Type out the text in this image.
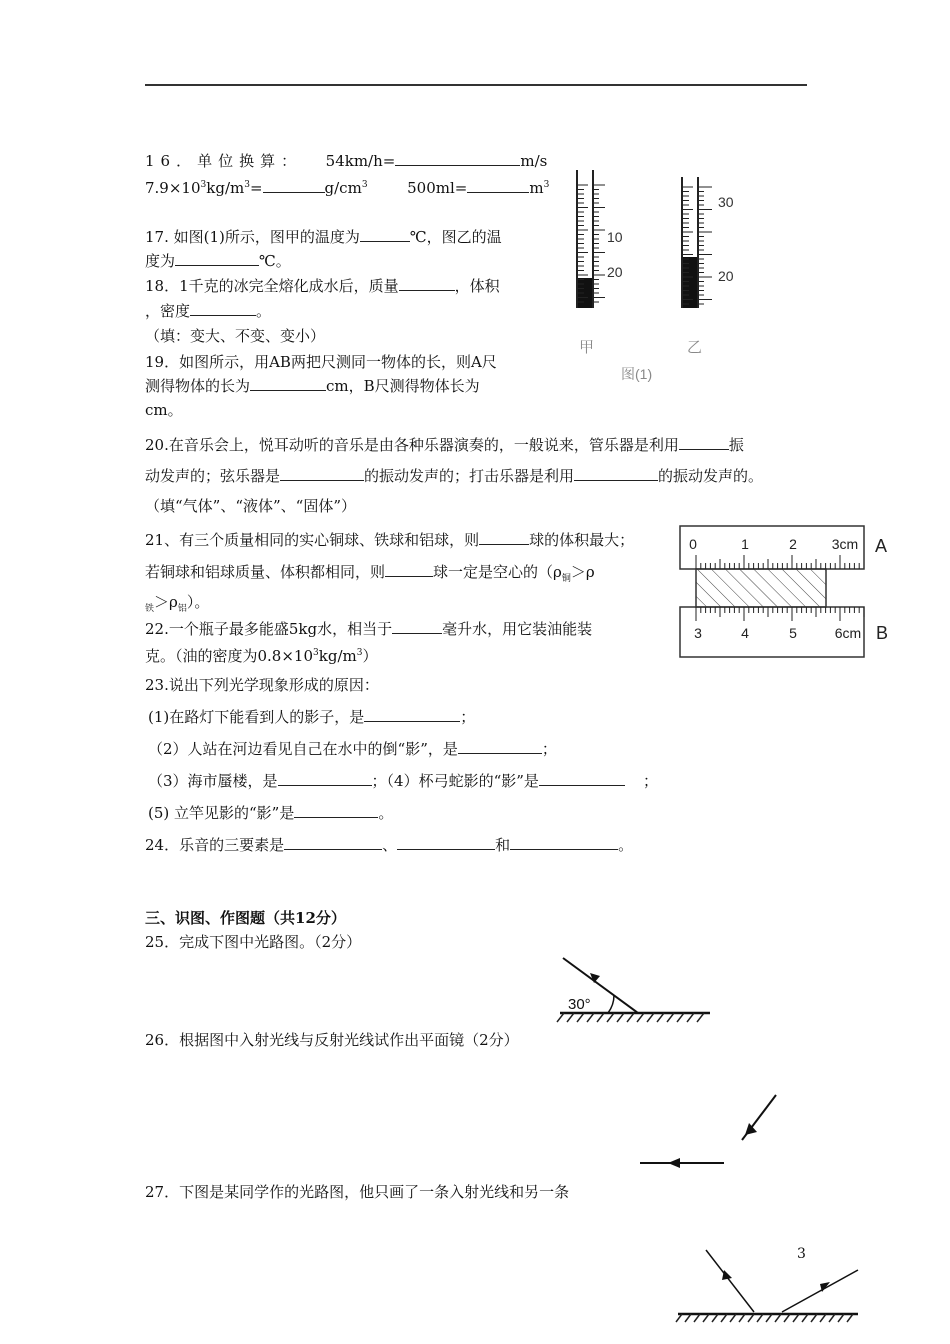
16．单位换算： 54km/h=	m/s
$7.9\times 10^3kg/m^3=$	$g/cm^3$	500ml=	$m^3$
17. 如图(1)所示，图甲的温度为	℃，图乙的温
度为	℃。
18．1千克的冰完全熔化成水后，质量	，体积
，密度	。
（填：变大、不变、变小）
19．如图所示，用AB两把尺测同一物体的长，则A尺
测得物体的长为	cm，B尺测得物体长为
cm。
10
20
30
20
甲	乙
图(1)
20.在音乐会上，悦耳动听的音乐是由各种乐器演奏的，一般说来，管乐器是利用	振
动发声的；弦乐器是	的振动发声的；打击乐器是利用	的振动发声的。
（填“气体”、“液体”、“固体”）
21、有三个质量相同的实心铜球、铁球和铝球，则	球的体积最大；
若铜球和铝球质量、体积都相同，则	球一定是空心的（$\rho_铜>\rho$
$_铁>\rho_铝$）。
0	1	2 3cm
3	4	5	6cm
A
B
22.一个瓶子最多能盛5kg水，相当于	毫升水，用它装油能装
克。（油的密度为$0.8\times 10^3kg/m^3$）
23.说出下列光学现象形成的原因：
(1)在路灯下能看到人的影子，是	；
（2）人站在河边看见自己在水中的倒“影”，是	；
（3）海市蜃楼，是	；（4）杯弓蛇影的“影”是	；
(5) 立竿见影的“影”是	。
24．乐音的三要素是	、	和	。
三、识图、作图题（共12分）
25．完成下图中光路图。（2分）
30°
26．根据图中入射光线与反射光线试作出平面镜（2分）
27．下图是某同学作的光路图，他只画了一条入射光线和另一条
3
